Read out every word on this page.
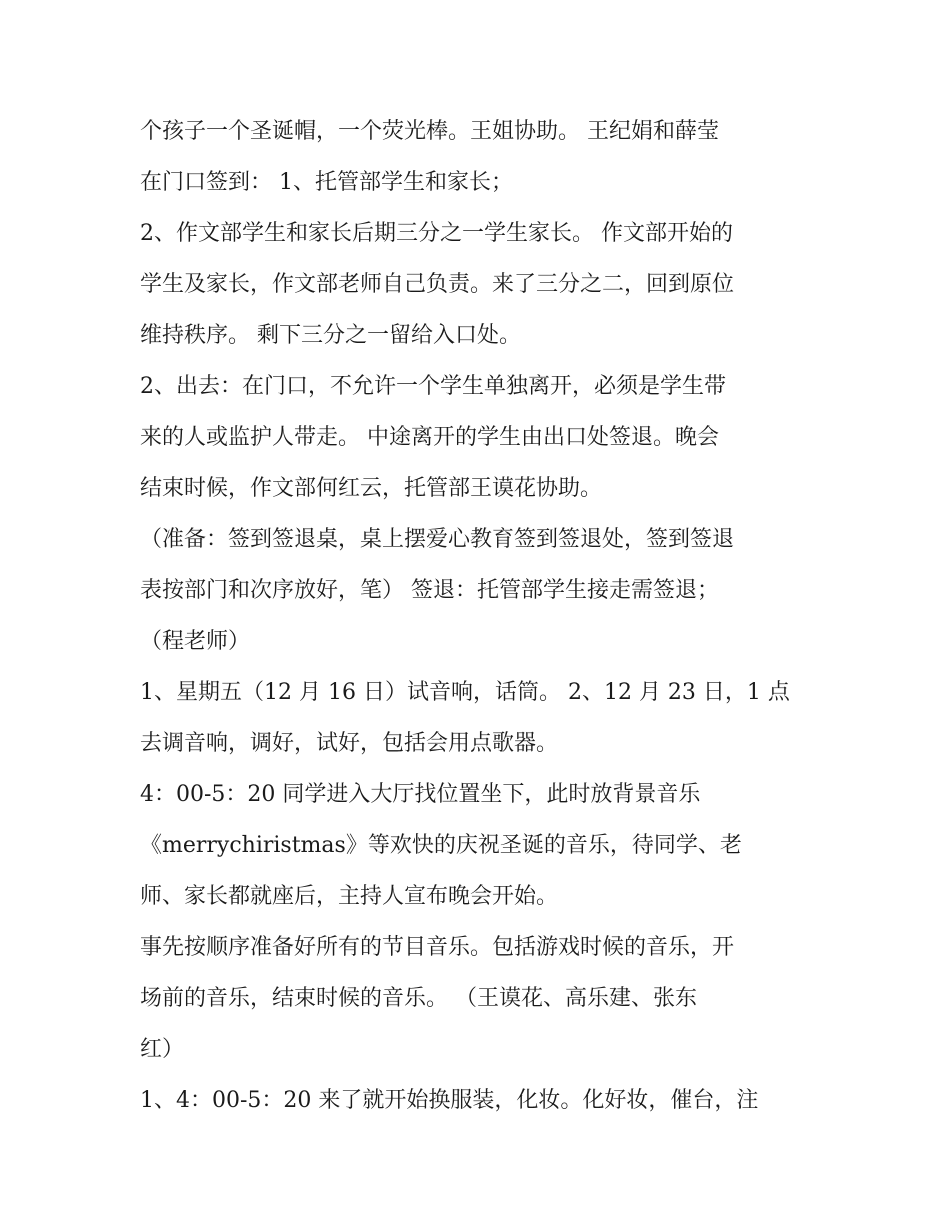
个孩子一个圣诞帽，一个荧光棒。王姐协助。 王纪娟和薛莹
在门口签到： 1、托管部学生和家长；
2、作文部学生和家长后期三分之一学生家长。 作文部开始的
学生及家长，作文部老师自己负责。来了三分之二，回到原位
维持秩序。 剩下三分之一留给入口处。
2、出去：在门口，不允许一个学生单独离开，必须是学生带
来的人或监护人带走。 中途离开的学生由出口处签退。晚会
结束时候，作文部何红云，托管部王谟花协助。
（准备：签到签退桌，桌上摆爱心教育签到签退处，签到签退
表按部门和次序放好，笔） 签退：托管部学生接走需签退；
（程老师）
1、星期五（12 月 16 日）试音响，话筒。 2、12 月 23 日，1 点
去调音响，调好，试好，包括会用点歌器。
4：00-5：20 同学进入大厅找位置坐下，此时放背景音乐
《merrychiristmas》等欢快的庆祝圣诞的音乐，待同学、老
师、家长都就座后，主持人宣布晚会开始。
事先按顺序准备好所有的节目音乐。包括游戏时候的音乐，开
场前的音乐，结束时候的音乐。 （王谟花、高乐建、张东
红）
1、4：00-5：20 来了就开始换服装，化妆。化好妆，催台，注
